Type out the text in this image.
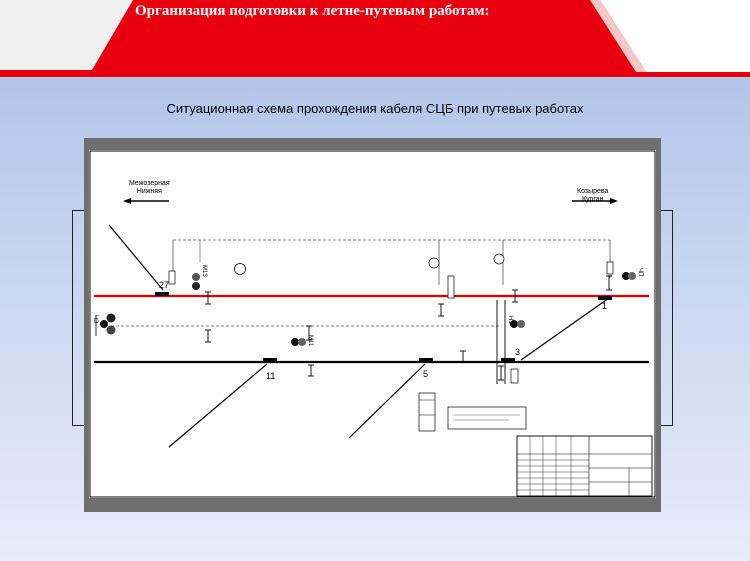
Организация подготовки к летне-путевым работам:
Ситуационная схема прохождения кабеля СЦБ при путевых работах
Межозерная
Нижняя	Козырева
Курган
27
1
3
11	5
ЧЭ
М13
М11
Н1
ЧП
